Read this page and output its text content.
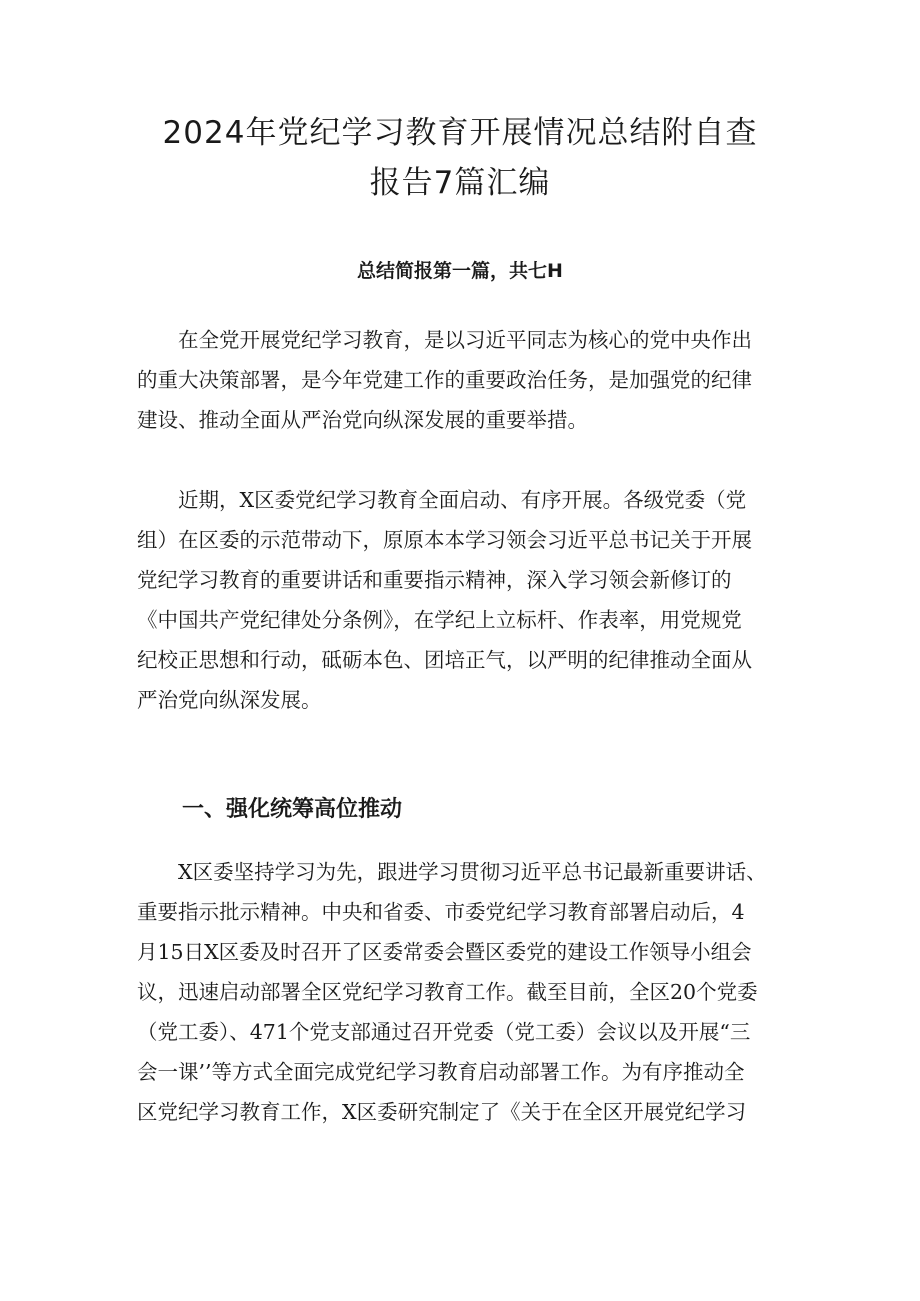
2024年党纪学习教育开展情况总结附自查
报告7篇汇编
总结简报第一篇，共七H
　　在全党开展党纪学习教育，是以习近平同志为核心的党中央作出
的重大决策部署，是今年党建工作的重要政治任务，是加强党的纪律
建设、推动全面从严治党向纵深发展的重要举措。
　　近期，X区委党纪学习教育全面启动、有序开展。各级党委（党
组）在区委的示范带动下，原原本本学习领会习近平总书记关于开展
党纪学习教育的重要讲话和重要指示精神，深入学习领会新修订的
《中国共产党纪律处分条例》，在学纪上立标杆、作表率，用党规党
纪校正思想和行动，砥砺本色、团培正气，以严明的纪律推动全面从
严治党向纵深发展。
一、强化统筹高位推动
　　X区委坚持学习为先，跟进学习贯彻习近平总书记最新重要讲话、
重要指示批示精神。中央和省委、市委党纪学习教育部署启动后，4
月15日X区委及时召开了区委常委会暨区委党的建设工作领导小组会
议，迅速启动部署全区党纪学习教育工作。截至目前，全区20个党委
（党工委）、471个党支部通过召开党委（党工委）会议以及开展“三
会一课’’等方式全面完成党纪学习教育启动部署工作。为有序推动全
区党纪学习教育工作，X区委研究制定了《关于在全区开展党纪学习
